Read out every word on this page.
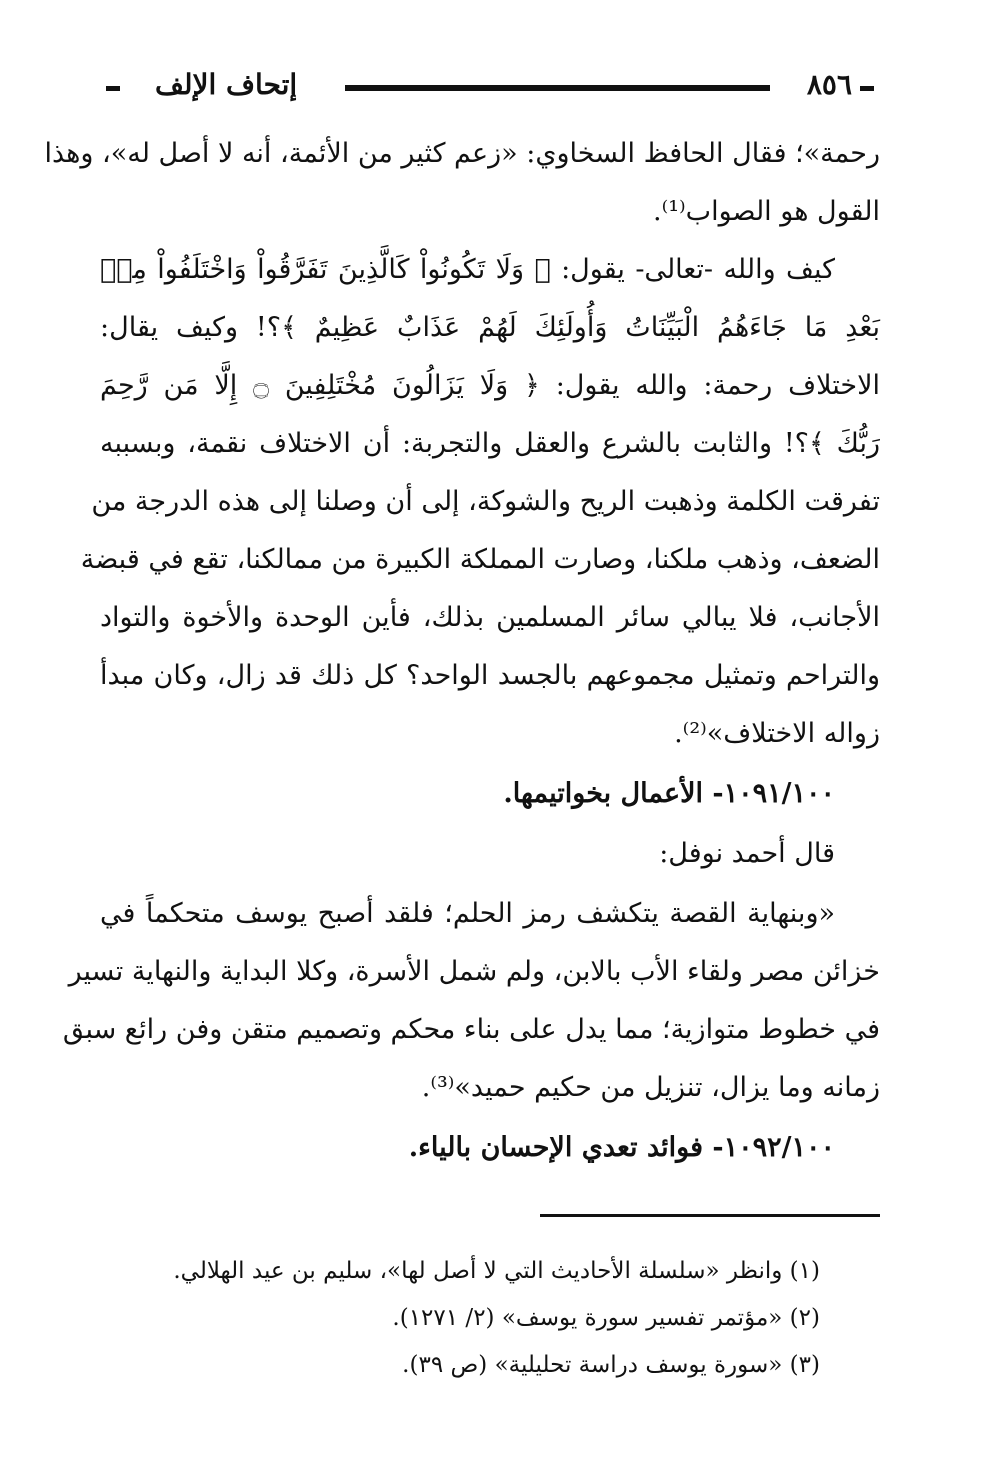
٨٥٦
إتحاف الإلف
رحمة»؛ فقال الحافظ السخاوي: «زعم كثير من الأئمة، أنه لا أصل له»، وهذا
القول هو الصواب⁽¹⁾.
كيف والله -تعالى- يقول: ﴿ وَلَا تَكُونُواْ كَالَّذِينَ تَفَرَّقُواْ وَاخْتَلَفُواْ مِنۢ
بَعْدِ مَا جَاءَهُمُ الْبَيِّنَاتُ وَأُولَئِكَ لَهُمْ عَذَابٌ عَظِيمٌ ﴾؟! وكيف يقال:
الاختلاف رحمة: والله يقول: ﴿ وَلَا يَزَالُونَ مُخْتَلِفِينَ ۝ إِلَّا مَن رَّحِمَ
رَبُّكَ ﴾؟! والثابت بالشرع والعقل والتجربة: أن الاختلاف نقمة، وبسببه
تفرقت الكلمة وذهبت الريح والشوكة، إلى أن وصلنا إلى هذه الدرجة من
الضعف، وذهب ملكنا، وصارت المملكة الكبيرة من ممالكنا، تقع في قبضة
الأجانب، فلا يبالي سائر المسلمين بذلك، فأين الوحدة والأخوة والتواد
والتراحم وتمثيل مجموعهم بالجسد الواحد؟ كل ذلك قد زال، وكان مبدأ
زواله الاختلاف»⁽²⁾.
١٠٩١/١٠٠- الأعمال بخواتيمها.
قال أحمد نوفل:
«وبنهاية القصة يتكشف رمز الحلم؛ فلقد أصبح يوسف متحكماً في
خزائن مصر ولقاء الأب بالابن، ولم شمل الأسرة، وكلا البداية والنهاية تسير
في خطوط متوازية؛ مما يدل على بناء محكم وتصميم متقن وفن رائع سبق
زمانه وما يزال، تنزيل من حكيم حميد»⁽³⁾.
١٠٩٢/١٠٠- فوائد تعدي الإحسان بالياء.
(١) وانظر «سلسلة الأحاديث التي لا أصل لها»، سليم بن عيد الهلالي.
(٢) «مؤتمر تفسير سورة يوسف» (٢/ ١٢٧١).
(٣) «سورة يوسف دراسة تحليلية» (ص ٣٩).
